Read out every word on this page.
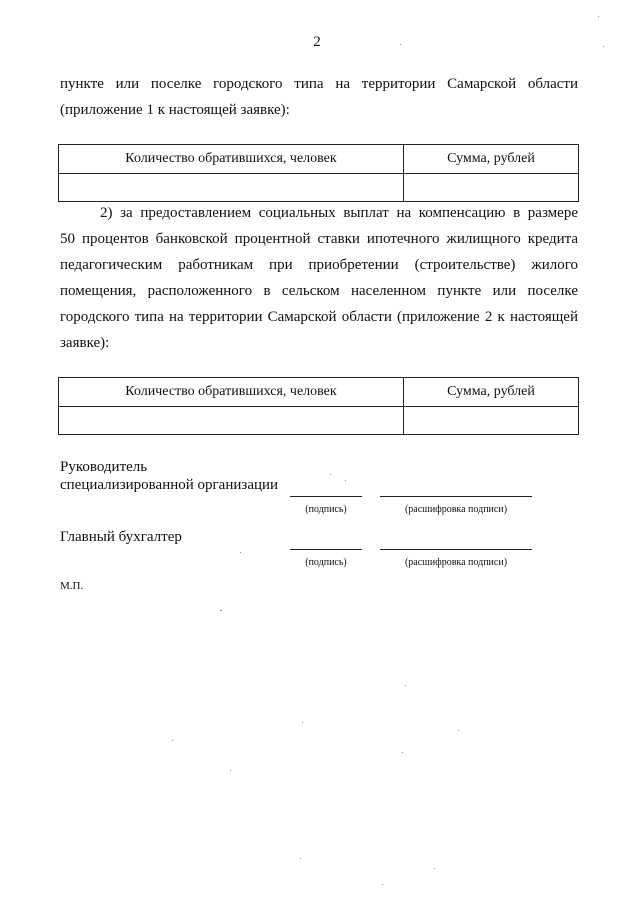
2
пункте или поселке городского типа на территории Самарской области
(приложение 1 к настоящей заявке):
Количество обратившихся, человек	Сумма, рублей

2) за предоставлением социальных выплат на компенсацию в размере
50 процентов банковской процентной ставки ипотечного жилищного кредита
педагогическим работникам при приобретении (строительстве) жилого
помещения, расположенного в сельском населенном пункте или поселке
городского типа на территории Самарской области (приложение 2 к настоящей
заявке):
Количество обратившихся, человек	Сумма, рублей

Руководитель
специализированной организации
(подпись)	(расшифровка подписи)
Главный бухгалтер
(подпись)	(расшифровка подписи)
М.П.
